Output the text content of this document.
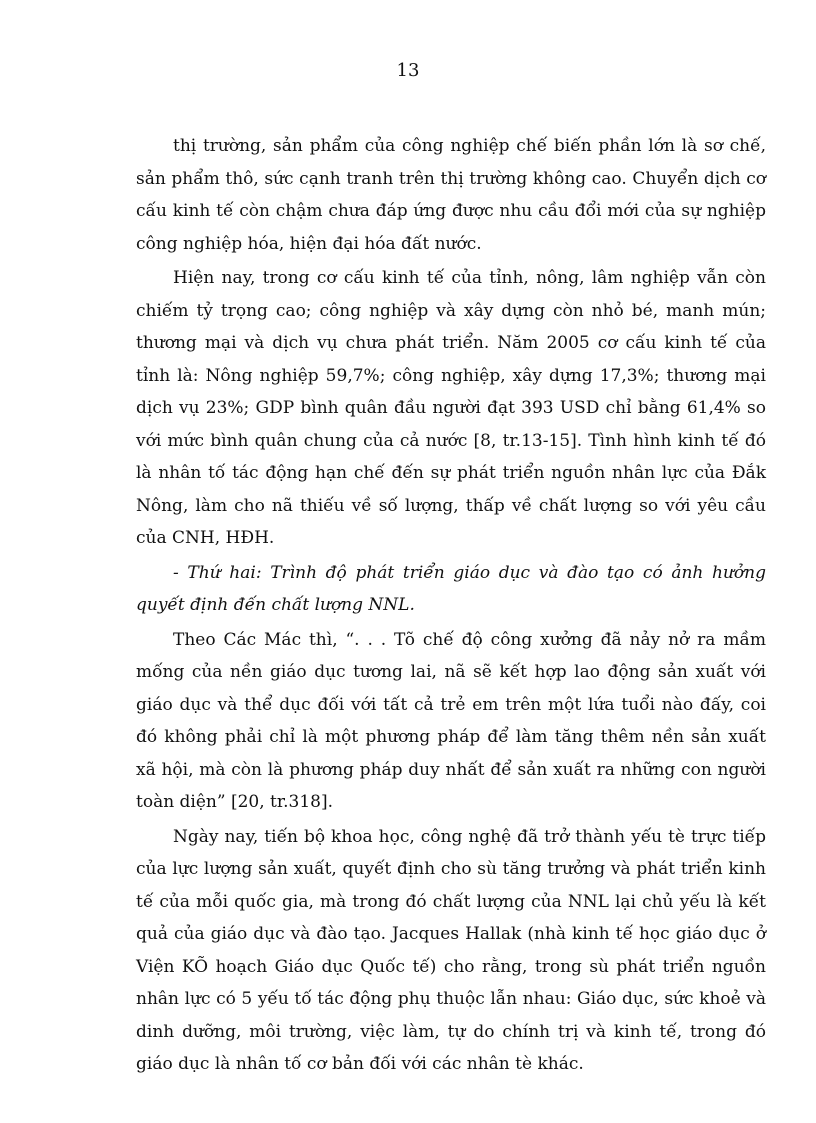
13

thị trường, sản phẩm của công nghiệp chế biến phần lớn là sơ chế, sản phẩm thô, sức cạnh tranh trên thị trường không cao. Chuyển dịch cơ cấu kinh tế còn chậm chưa đáp ứng được nhu cầu đổi mới của sự nghiệp công nghiệp hóa, hiện đại hóa đất nước.

Hiện nay, trong cơ cấu kinh tế của tỉnh, nông, lâm nghiệp vẫn còn chiếm tỷ trọng cao; công nghiệp và xây dựng còn nhỏ bé, manh mún; thương mại và dịch vụ chưa phát triển. Năm 2005 cơ cấu kinh tế của tỉnh là: Nông nghiệp 59,7%; công nghiệp, xây dựng 17,3%; thương mại dịch vụ 23%; GDP bình quân đầu người đạt 393 USD chỉ bằng 61,4% so với mức bình quân chung của cả nước [8, tr.13-15]. Tình hình kinh tế đó là nhân tố tác động hạn chế đến sự phát triển nguồn nhân lực của Đắk Nông, làm cho nã thiếu về số lượng, thấp về chất lượng so với yêu cầu của CNH, HĐH.

- Thứ hai: Trình độ phát triển giáo dục và đào tạo có ảnh hưởng quyết định đến chất lượng NNL.

Theo Các Mác thì, “. . . Tõ chế độ công xưởng đã nảy nở ra mầm mống của nền giáo dục tương lai, nã sẽ kết hợp lao động sản xuất với giáo dục và thể dục đối với tất cả trẻ em trên một lứa tuổi nào đấy, coi đó không phải chỉ là một phương pháp để làm tăng thêm nền sản xuất xã hội, mà còn là phương pháp duy nhất để sản xuất ra những con người toàn diện” [20, tr.318].

Ngày nay, tiến bộ khoa học, công nghệ đã trở thành yếu tè trực tiếp của lực lượng sản xuất, quyết định cho sù tăng trưởng và phát triển kinh tế của mỗi quốc gia, mà trong đó chất lượng của NNL lại chủ yếu là kết quả của giáo dục và đào tạo. Jacques Hallak (nhà kinh tế học giáo dục ở Viện KÕ hoạch Giáo dục Quốc tế) cho rằng, trong sù phát triển nguồn nhân lực có 5 yếu tố tác động phụ thuộc lẫn nhau: Giáo dục, sức khoẻ và dinh dưỡng, môi trường, việc làm, tự do chính trị và kinh tế, trong đó giáo dục là nhân tố cơ bản đối với các nhân tè khác.
